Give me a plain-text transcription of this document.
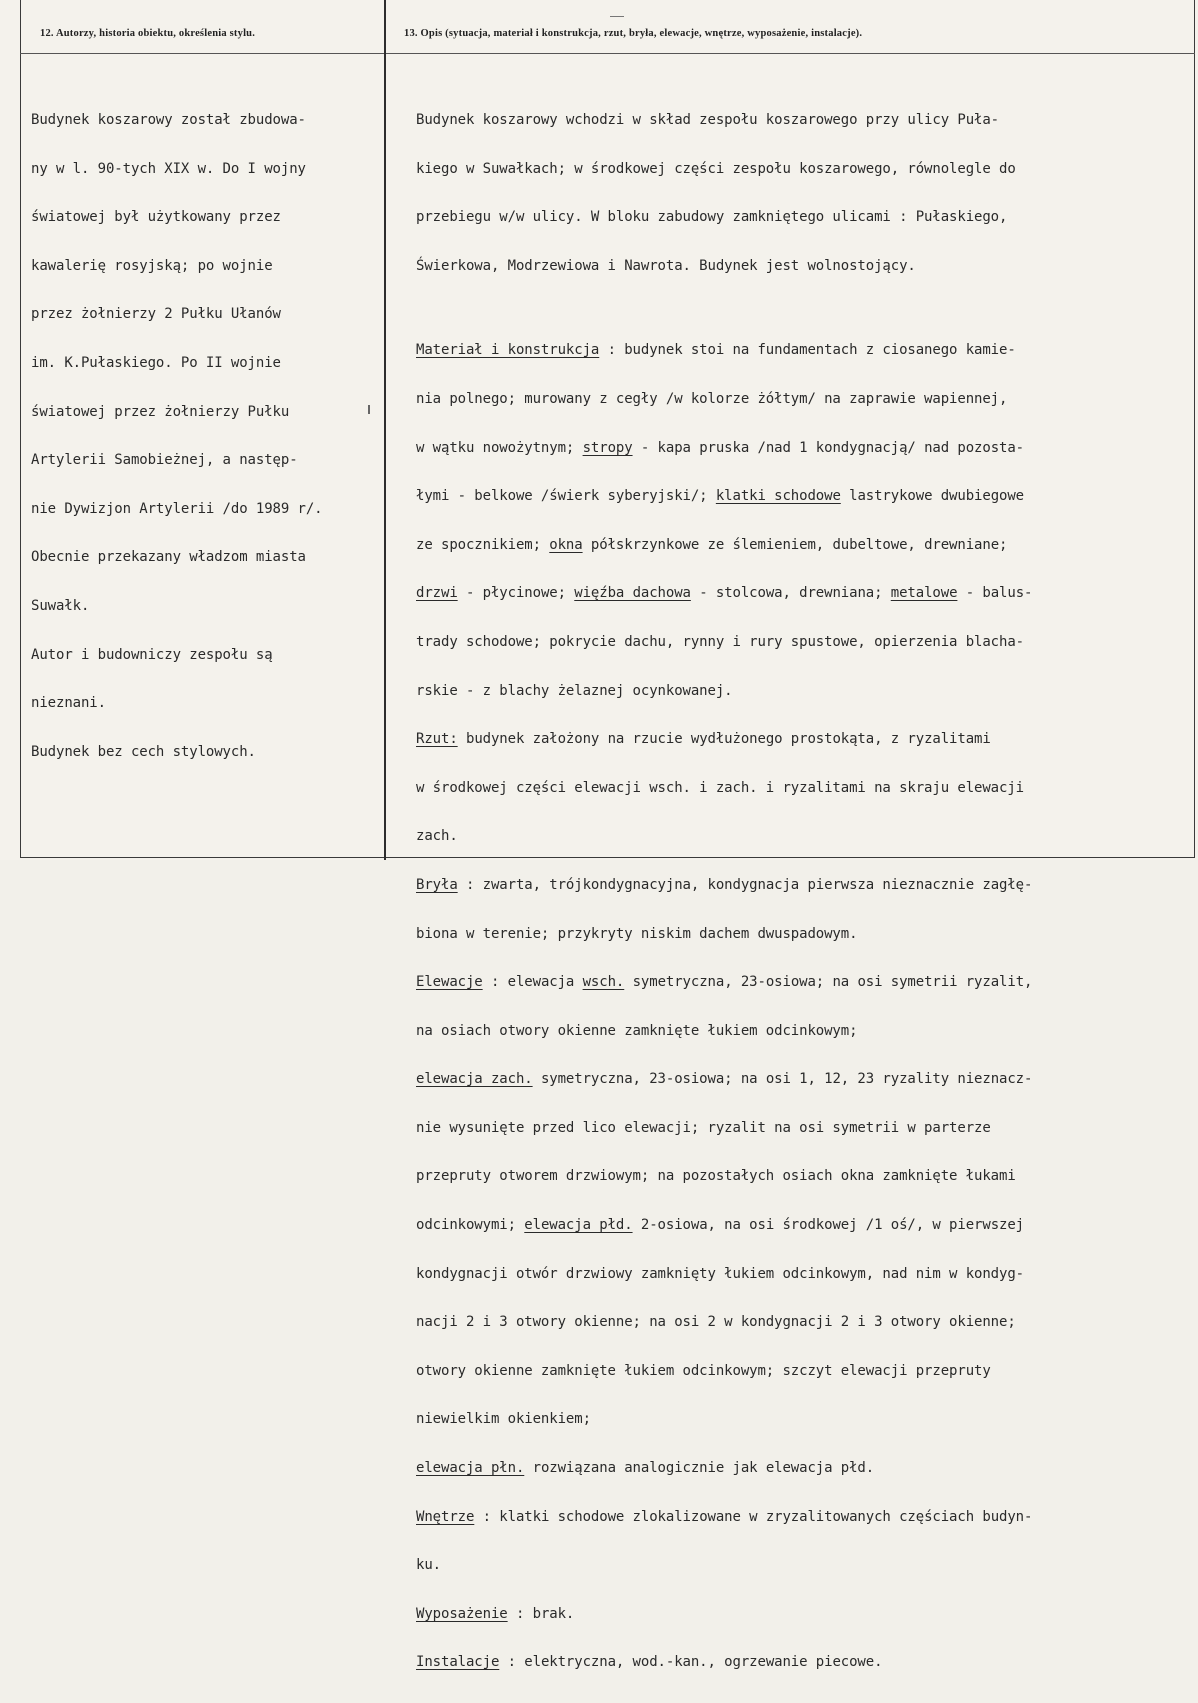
12. Autorzy, historia obiektu, określenia stylu.	13. Opis (sytuacja, materiał i konstrukcja, rzut, bryła, elewacje, wnętrze, wyposażenie, instalacje).

Budynek koszarowy został zbudowa-

ny w l. 90-tych XIX w. Do I wojny

światowej był użytkowany przez

kawalerię rosyjską; po wojnie

przez żołnierzy 2 Pułku Ułanów

im. K.Pułaskiego. Po II wojnie

światowej przez żołnierzy Pułku

Artylerii Samobieżnej, a następ-

nie Dywizjon Artylerii /do 1989 r/.

Obecnie przekazany władzom miasta

Suwałk.

Autor i budowniczy zespołu są

nieznani.

Budynek bez cech stylowych.

Budynek koszarowy wchodzi w skład zespołu koszarowego przy ulicy Puła-

kiego w Suwałkach; w środkowej części zespołu koszarowego, równolegle do

przebiegu w/w ulicy. W bloku zabudowy zamkniętego ulicami : Pułaskiego,

Świerkowa, Modrzewiowa i Nawrota. Budynek jest wolnostojący.

Materiał i konstrukcja : budynek stoi na fundamentach z ciosanego kamie-

nia polnego; murowany z cegły /w kolorze żółtym/ na zaprawie wapiennej,

w wątku nowożytnym; stropy - kapa pruska /nad 1 kondygnacją/ nad pozosta-

łymi - belkowe /świerk syberyjski/; klatki schodowe lastrykowe dwubiegowe

ze spocznikiem; okna półskrzynkowe ze ślemieniem, dubeltowe, drewniane;

drzwi - płycinowe; więźba dachowa - stolcowa, drewniana; metalowe - balus-

trady schodowe; pokrycie dachu, rynny i rury spustowe, opierzenia blacha-

rskie - z blachy żelaznej ocynkowanej.

Rzut: budynek założony na rzucie wydłużonego prostokąta, z ryzalitami

w środkowej części elewacji wsch. i zach. i ryzalitami na skraju elewacji

zach.

Bryła : zwarta, trójkondygnacyjna, kondygnacja pierwsza nieznacznie zagłę-

biona w terenie; przykryty niskim dachem dwuspadowym.

Elewacje : elewacja wsch. symetryczna, 23-osiowa; na osi symetrii ryzalit,

na osiach otwory okienne zamknięte łukiem odcinkowym;

elewacja zach. symetryczna, 23-osiowa; na osi 1, 12, 23 ryzality nieznacz-

nie wysunięte przed lico elewacji; ryzalit na osi symetrii w parterze

przepruty otworem drzwiowym; na pozostałych osiach okna zamknięte łukami

odcinkowymi; elewacja płd. 2-osiowa, na osi środkowej /1 oś/, w pierwszej

kondygnacji otwór drzwiowy zamknięty łukiem odcinkowym, nad nim w kondyg-

nacji 2 i 3 otwory okienne; na osi 2 w kondygnacji 2 i 3 otwory okienne;

otwory okienne zamknięte łukiem odcinkowym; szczyt elewacji przepruty

niewielkim okienkiem;

elewacja płn. rozwiązana analogicznie jak elewacja płd.

Wnętrze : klatki schodowe zlokalizowane w zryzalitowanych częściach budyn-

ku.

Wyposażenie : brak.

Instalacje : elektryczna, wod.-kan., ogrzewanie piecowe.
